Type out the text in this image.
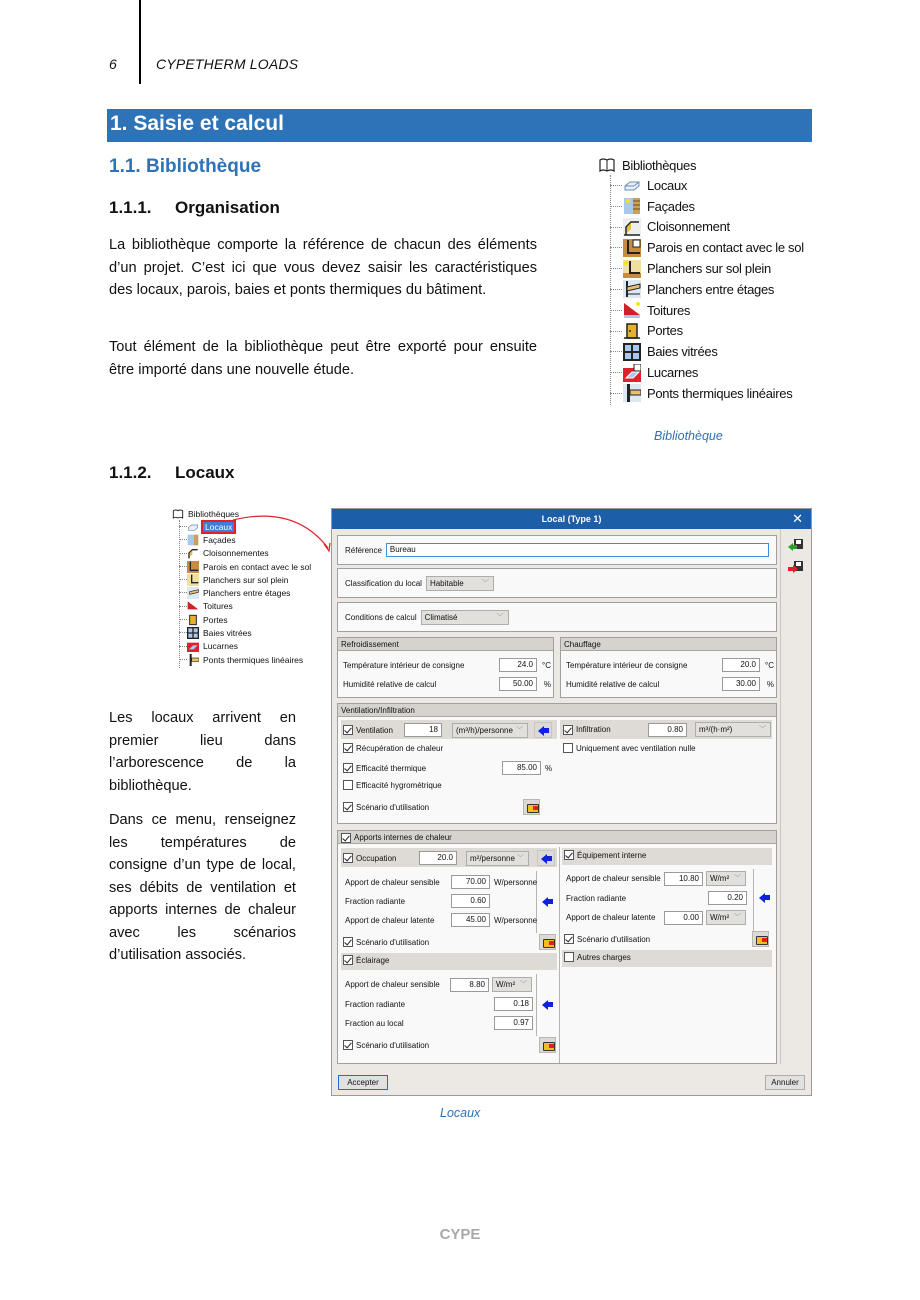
6	CYPETHERM LOADS
1. Saisie et calcul
1.1. Bibliothèque
1.1.1. Organisation

La bibliothèque comporte la référence de chacun des éléments d’un projet. C’est ici que vous devez saisir les caractéristiques des locaux, parois, baies et ponts thermiques du bâtiment.

Tout élément de la bibliothèque peut être exporté pour ensuite être importé dans une nouvelle étude.

Bibliothèques
Locaux
Façades
Cloisonnement
Parois en contact avec le sol
Planchers sur sol plein
Planchers entre étages
Toitures
Portes
Baies vitrées
Lucarnes
Ponts thermiques linéaires
Bibliothèque
1.1.2. Locaux

Les locaux arrivent en premier lieu dans l’arborescence de la bibliothèque.

Dans ce menu, renseignez les températures de consigne d’un type de local, ses débits de ventilation et apports internes de chaleur avec les scénarios d’utilisation associés.

Bibliothèques
Locaux
Façades
Cloisonnementes
Parois en contact avec le sol
Planchers sur sol plein
Planchers entre étages
Toitures
Portes
Baies vitrées
Lucarnes
Ponts thermiques linéaires
Local (Type 1)	✕
Référence	Bureau
Classification du local	Habitable	﹀
Conditions de calcul	Climatisé	﹀
Refroidissement
Température intérieur de consigne	24.0	°C
Humidité relative de calcul	50.00	%
Chauffage
Température intérieur de consigne	20.0	°C
Humidité relative de calcul	30.00	%
Ventilation/Infiltration
Ventilation	18	(m³/h)/personne ﹀	Infiltration	0.80	m³/(h·m²)	﹀
Récupération de chaleur	Uniquement avec ventilation nulle
Efficacité thermique	85.00	%
Efficacité hygrométrique
Scénario d'utilisation
Apports internes de chaleur
Occupation	20.0	m²/personne ﹀
Apport de chaleur sensible	70.00	W/personne
Fraction radiante	0.60
Apport de chaleur latente	45.00	W/personne
Scénario d'utilisation
Éclairage
Apport de chaleur sensible	8.80	W/m² ﹀
Fraction radiante	0.18
Fraction au local	0.97
Scénario d'utilisation
Équipement interne
Apport de chaleur sensible	10.80	W/m² ﹀
Fraction radiante	0.20
Apport de chaleur latente	0.00	W/m² ﹀
Scénario d'utilisation
Autres charges
Accepter	Annuler
Locaux
CYPE
